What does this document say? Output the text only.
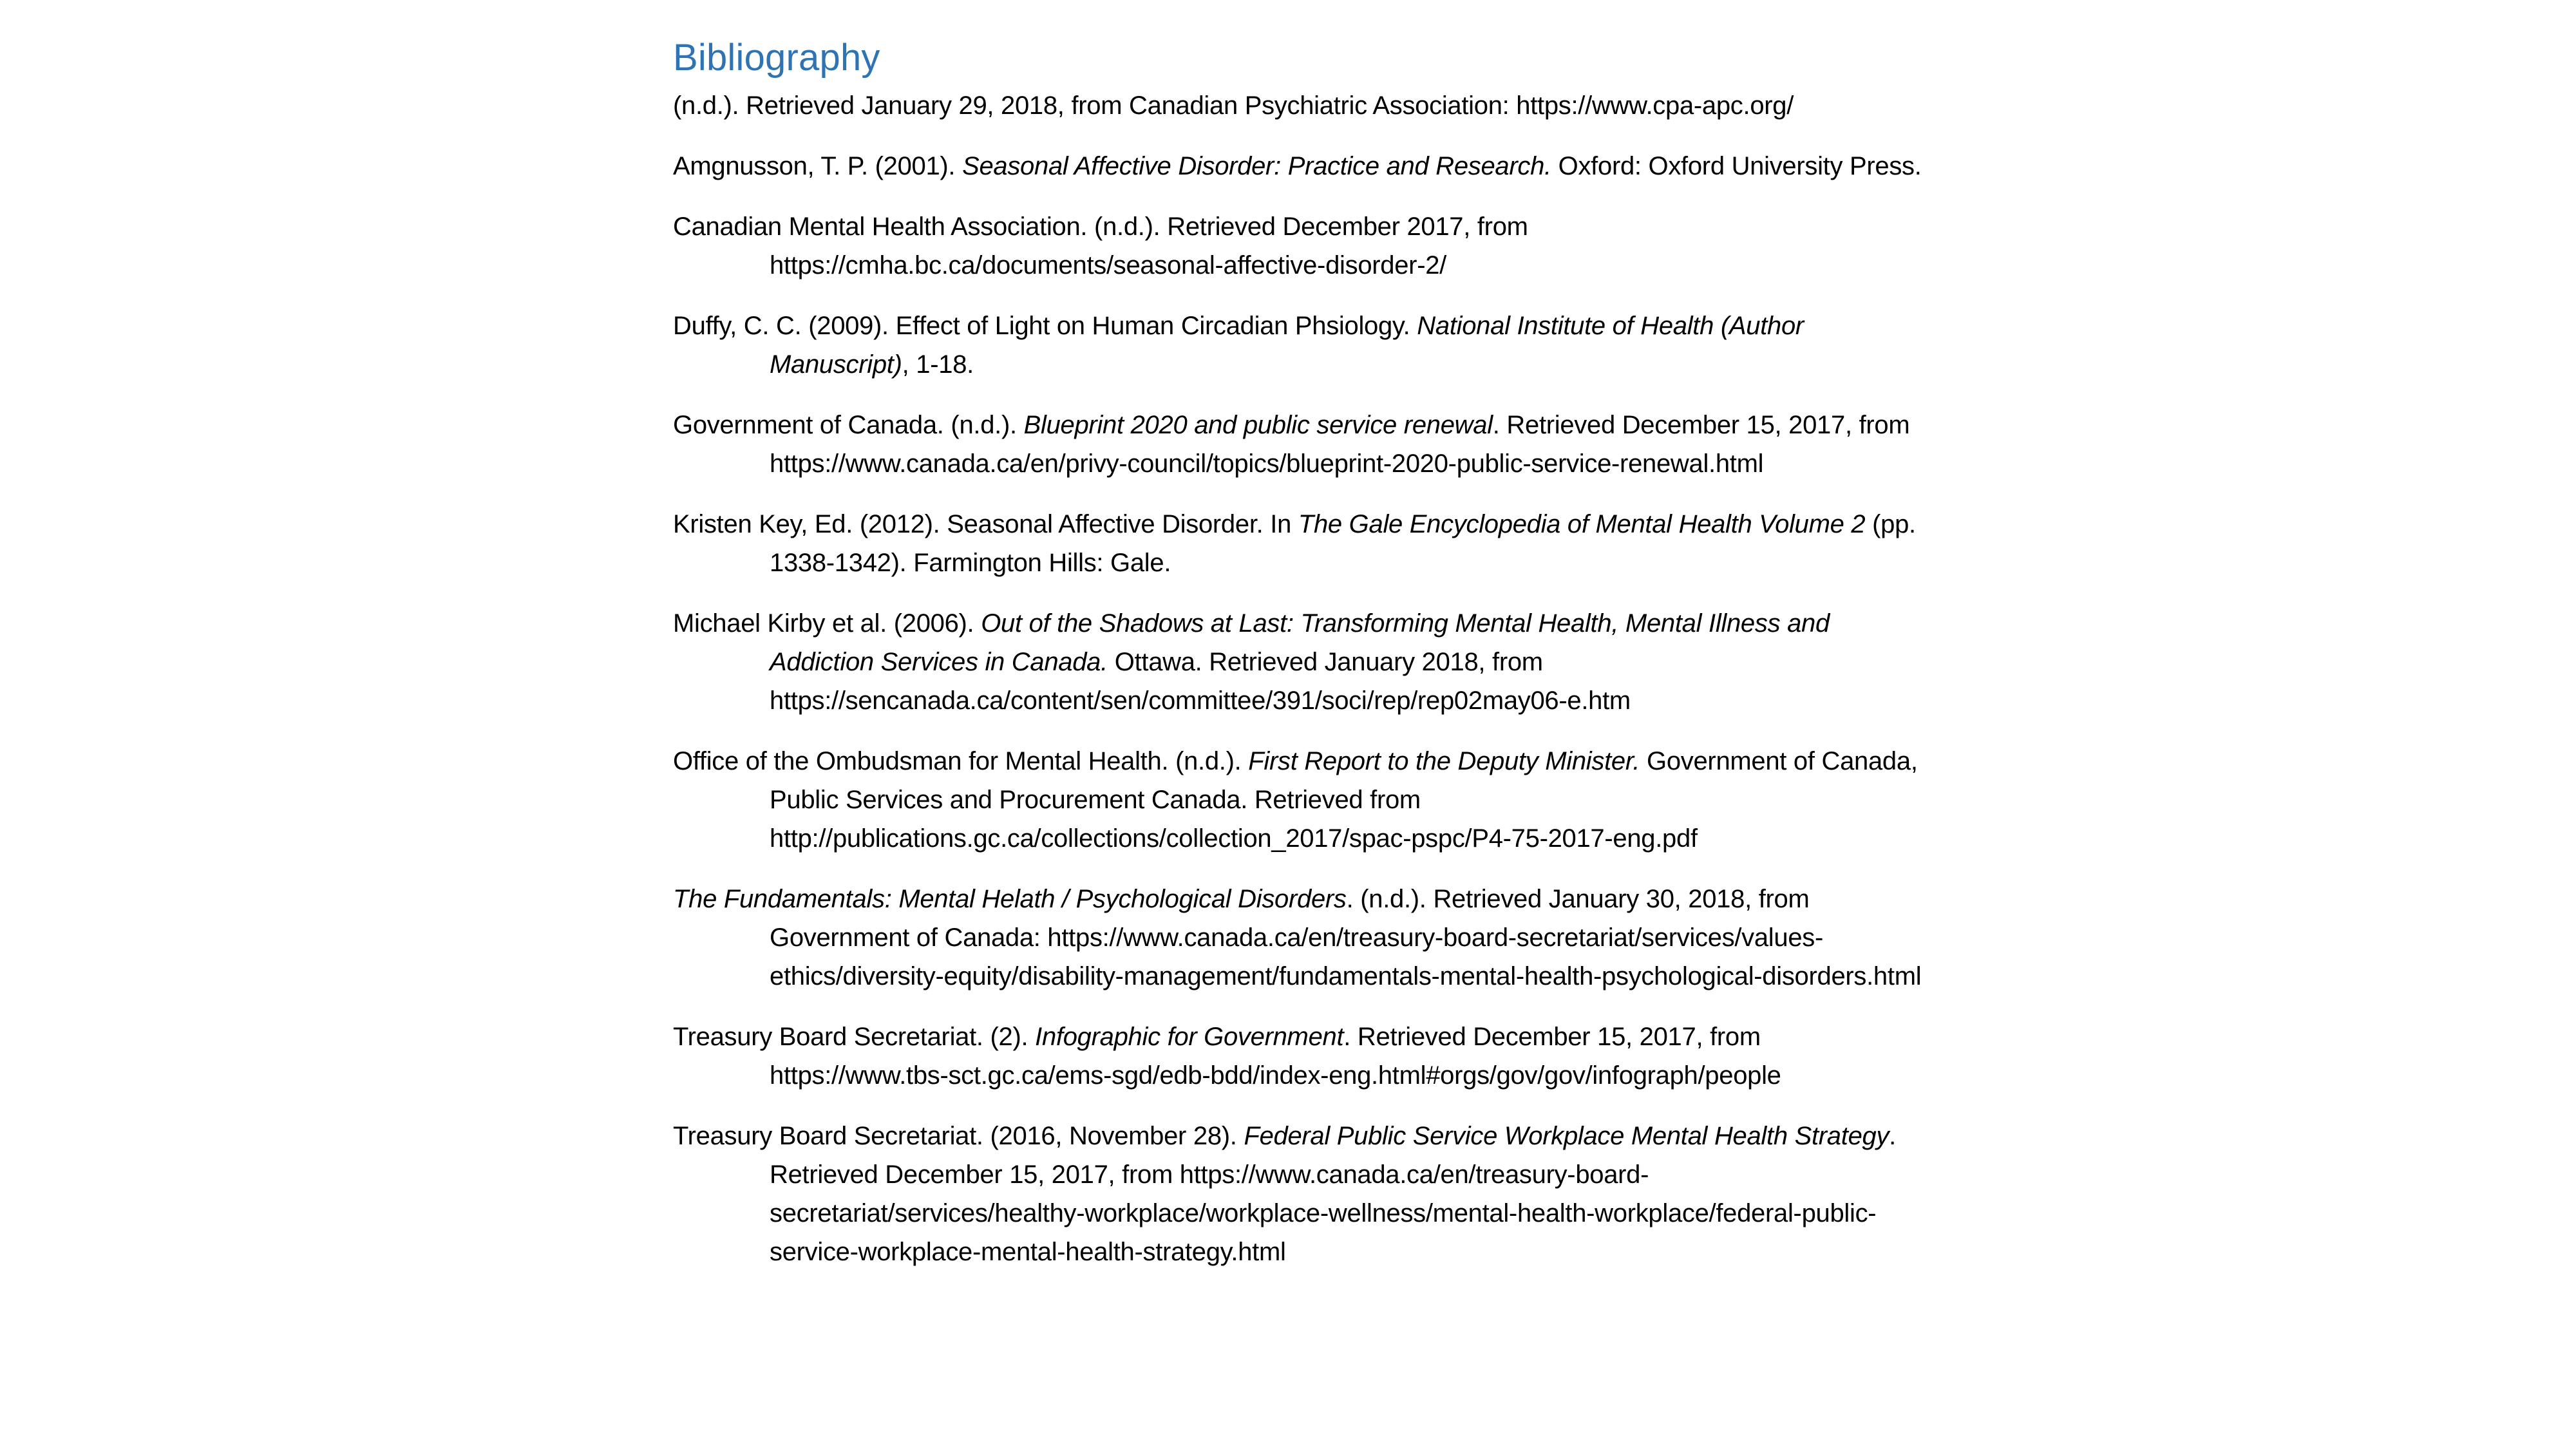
Bibliography
(n.d.). Retrieved January 29, 2018, from Canadian Psychiatric Association: https://www.cpa-apc.org/
Amgnusson, T. P. (2001). Seasonal Affective Disorder: Practice and Research. Oxford: Oxford University Press.
Canadian Mental Health Association. (n.d.). Retrieved December 2017, from https://cmha.bc.ca/documents/seasonal-affective-disorder-2/
Duffy, C. C. (2009). Effect of Light on Human Circadian Phsiology. National Institute of Health (Author Manuscript), 1-18.
Government of Canada. (n.d.). Blueprint 2020 and public service renewal. Retrieved December 15, 2017, from https://www.canada.ca/en/privy-council/topics/blueprint-2020-public-service-renewal.html
Kristen Key, Ed. (2012). Seasonal Affective Disorder. In The Gale Encyclopedia of Mental Health Volume 2 (pp. 1338-1342). Farmington Hills: Gale.
Michael Kirby et al. (2006). Out of the Shadows at Last: Transforming Mental Health, Mental Illness and Addiction Services in Canada. Ottawa. Retrieved January 2018, from https://sencanada.ca/content/sen/committee/391/soci/rep/rep02may06-e.htm
Office of the Ombudsman for Mental Health. (n.d.). First Report to the Deputy Minister. Government of Canada, Public Services and Procurement Canada. Retrieved from http://publications.gc.ca/collections/collection_2017/spac-pspc/P4-75-2017-eng.pdf
The Fundamentals: Mental Helath / Psychological Disorders. (n.d.). Retrieved January 30, 2018, from Government of Canada: https://www.canada.ca/en/treasury-board-secretariat/services/values-ethics/diversity-equity/disability-management/fundamentals-mental-health-psychological-disorders.html
Treasury Board Secretariat. (2). Infographic for Government. Retrieved December 15, 2017, from https://www.tbs-sct.gc.ca/ems-sgd/edb-bdd/index-eng.html#orgs/gov/gov/infograph/people
Treasury Board Secretariat. (2016, November 28). Federal Public Service Workplace Mental Health Strategy. Retrieved December 15, 2017, from https://www.canada.ca/en/treasury-board-secretariat/services/healthy-workplace/workplace-wellness/mental-health-workplace/federal-public-service-workplace-mental-health-strategy.html
